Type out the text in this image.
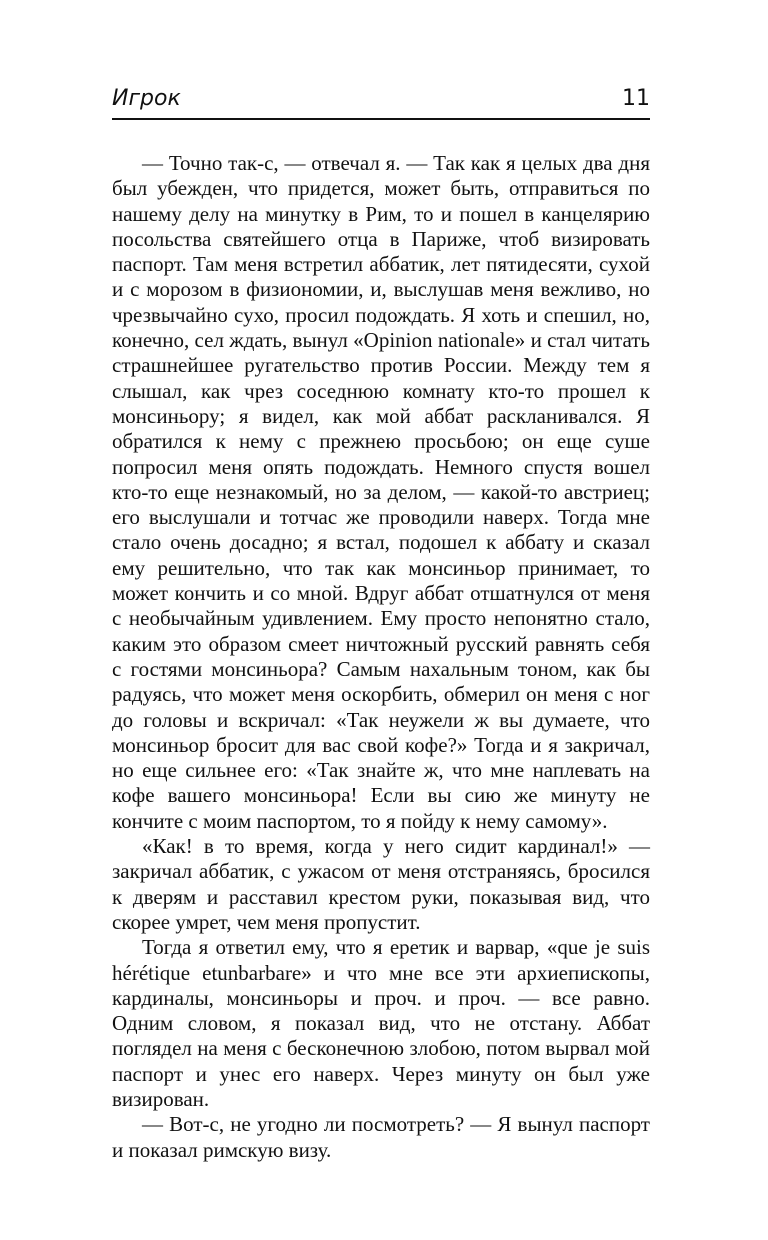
Игрок	11

— Точно так-с, — отвечал я. — Так как я целых два дня был убежден, что придется, может быть, отправиться по нашему делу на минутку в Рим, то и пошел в канцелярию посольства святейшего отца в Париже, чтоб визировать паспорт. Там меня встретил аббатик, лет пятидесяти, сухой и с морозом в физиономии, и, выслушав меня вежливо, но чрезвычайно сухо, просил подождать. Я хоть и спешил, но, конечно, сел ждать, вынул «Opinion nationale» и стал читать страшнейшее ругательство против России. Между тем я слышал, как чрез соседнюю комнату кто-то прошел к монсиньору; я видел, как мой аббат раскланивался. Я обратился к нему с прежнею просьбою; он еще суше попросил меня опять подождать. Немного спустя вошел кто-то еще незнакомый, но за делом, — какой-то австриец; его выслушали и тотчас же проводили наверх. Тогда мне стало очень досадно; я встал, подошел к аббату и сказал ему решительно, что так как монсиньор принимает, то может кончить и со мной. Вдруг аббат отшатнулся от меня с необычайным удивлением. Ему просто непонятно стало, каким это образом смеет ничтожный русский равнять себя с гостями монсиньора? Самым нахальным тоном, как бы радуясь, что может меня оскорбить, обмерил он меня с ног до головы и вскричал: «Так неужели ж вы думаете, что монсиньор бросит для вас свой кофе?» Тогда и я закричал, но еще сильнее его: «Так знайте ж, что мне наплевать на кофе вашего монсиньора! Если вы сию же минуту не кончите с моим паспортом, то я пойду к нему самому».

«Как! в то время, когда у него сидит кардинал!» — закричал аббатик, с ужасом от меня отстраняясь, бросился к дверям и расставил крестом руки, показывая вид, что скорее умрет, чем меня пропустит.

Тогда я ответил ему, что я еретик и варвар, «que je suis hérétique etunbarbare» и что мне все эти архиепископы, кардиналы, монсиньоры и проч. и проч. — все равно. Одним словом, я показал вид, что не отстану. Аббат поглядел на меня с бесконечною злобою, потом вырвал мой паспорт и унес его наверх. Через минуту он был уже визирован.

— Вот-с, не угодно ли посмотреть? — Я вынул паспорт и показал римскую визу.
